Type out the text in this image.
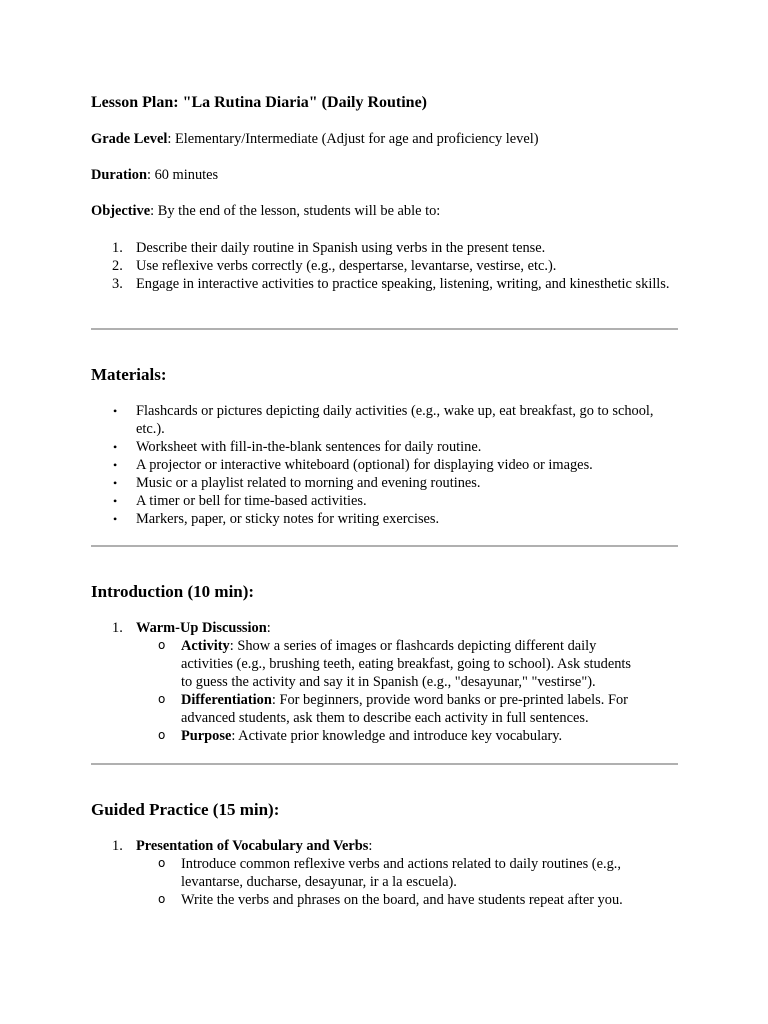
Lesson Plan: "La Rutina Diaria" (Daily Routine)
Grade Level: Elementary/Intermediate (Adjust for age and proficiency level)
Duration: 60 minutes
Objective: By the end of the lesson, students will be able to:
1. Describe their daily routine in Spanish using verbs in the present tense.
2. Use reflexive verbs correctly (e.g., despertarse, levantarse, vestirse, etc.).
3. Engage in interactive activities to practice speaking, listening, writing, and kinesthetic skills.
Materials:
• Flashcards or pictures depicting daily activities (e.g., wake up, eat breakfast, go to school, etc.).
• Worksheet with fill-in-the-blank sentences for daily routine.
• A projector or interactive whiteboard (optional) for displaying video or images.
• Music or a playlist related to morning and evening routines.
• A timer or bell for time-based activities.
• Markers, paper, or sticky notes for writing exercises.
Introduction (10 min):
1. Warm-Up Discussion:
o Activity: Show a series of images or flashcards depicting different daily activities (e.g., brushing teeth, eating breakfast, going to school). Ask students to guess the activity and say it in Spanish (e.g., "desayunar," "vestirse").
o Differentiation: For beginners, provide word banks or pre-printed labels. For advanced students, ask them to describe each activity in full sentences.
o Purpose: Activate prior knowledge and introduce key vocabulary.
Guided Practice (15 min):
1. Presentation of Vocabulary and Verbs:
o Introduce common reflexive verbs and actions related to daily routines (e.g., levantarse, ducharse, desayunar, ir a la escuela).
o Write the verbs and phrases on the board, and have students repeat after you.
